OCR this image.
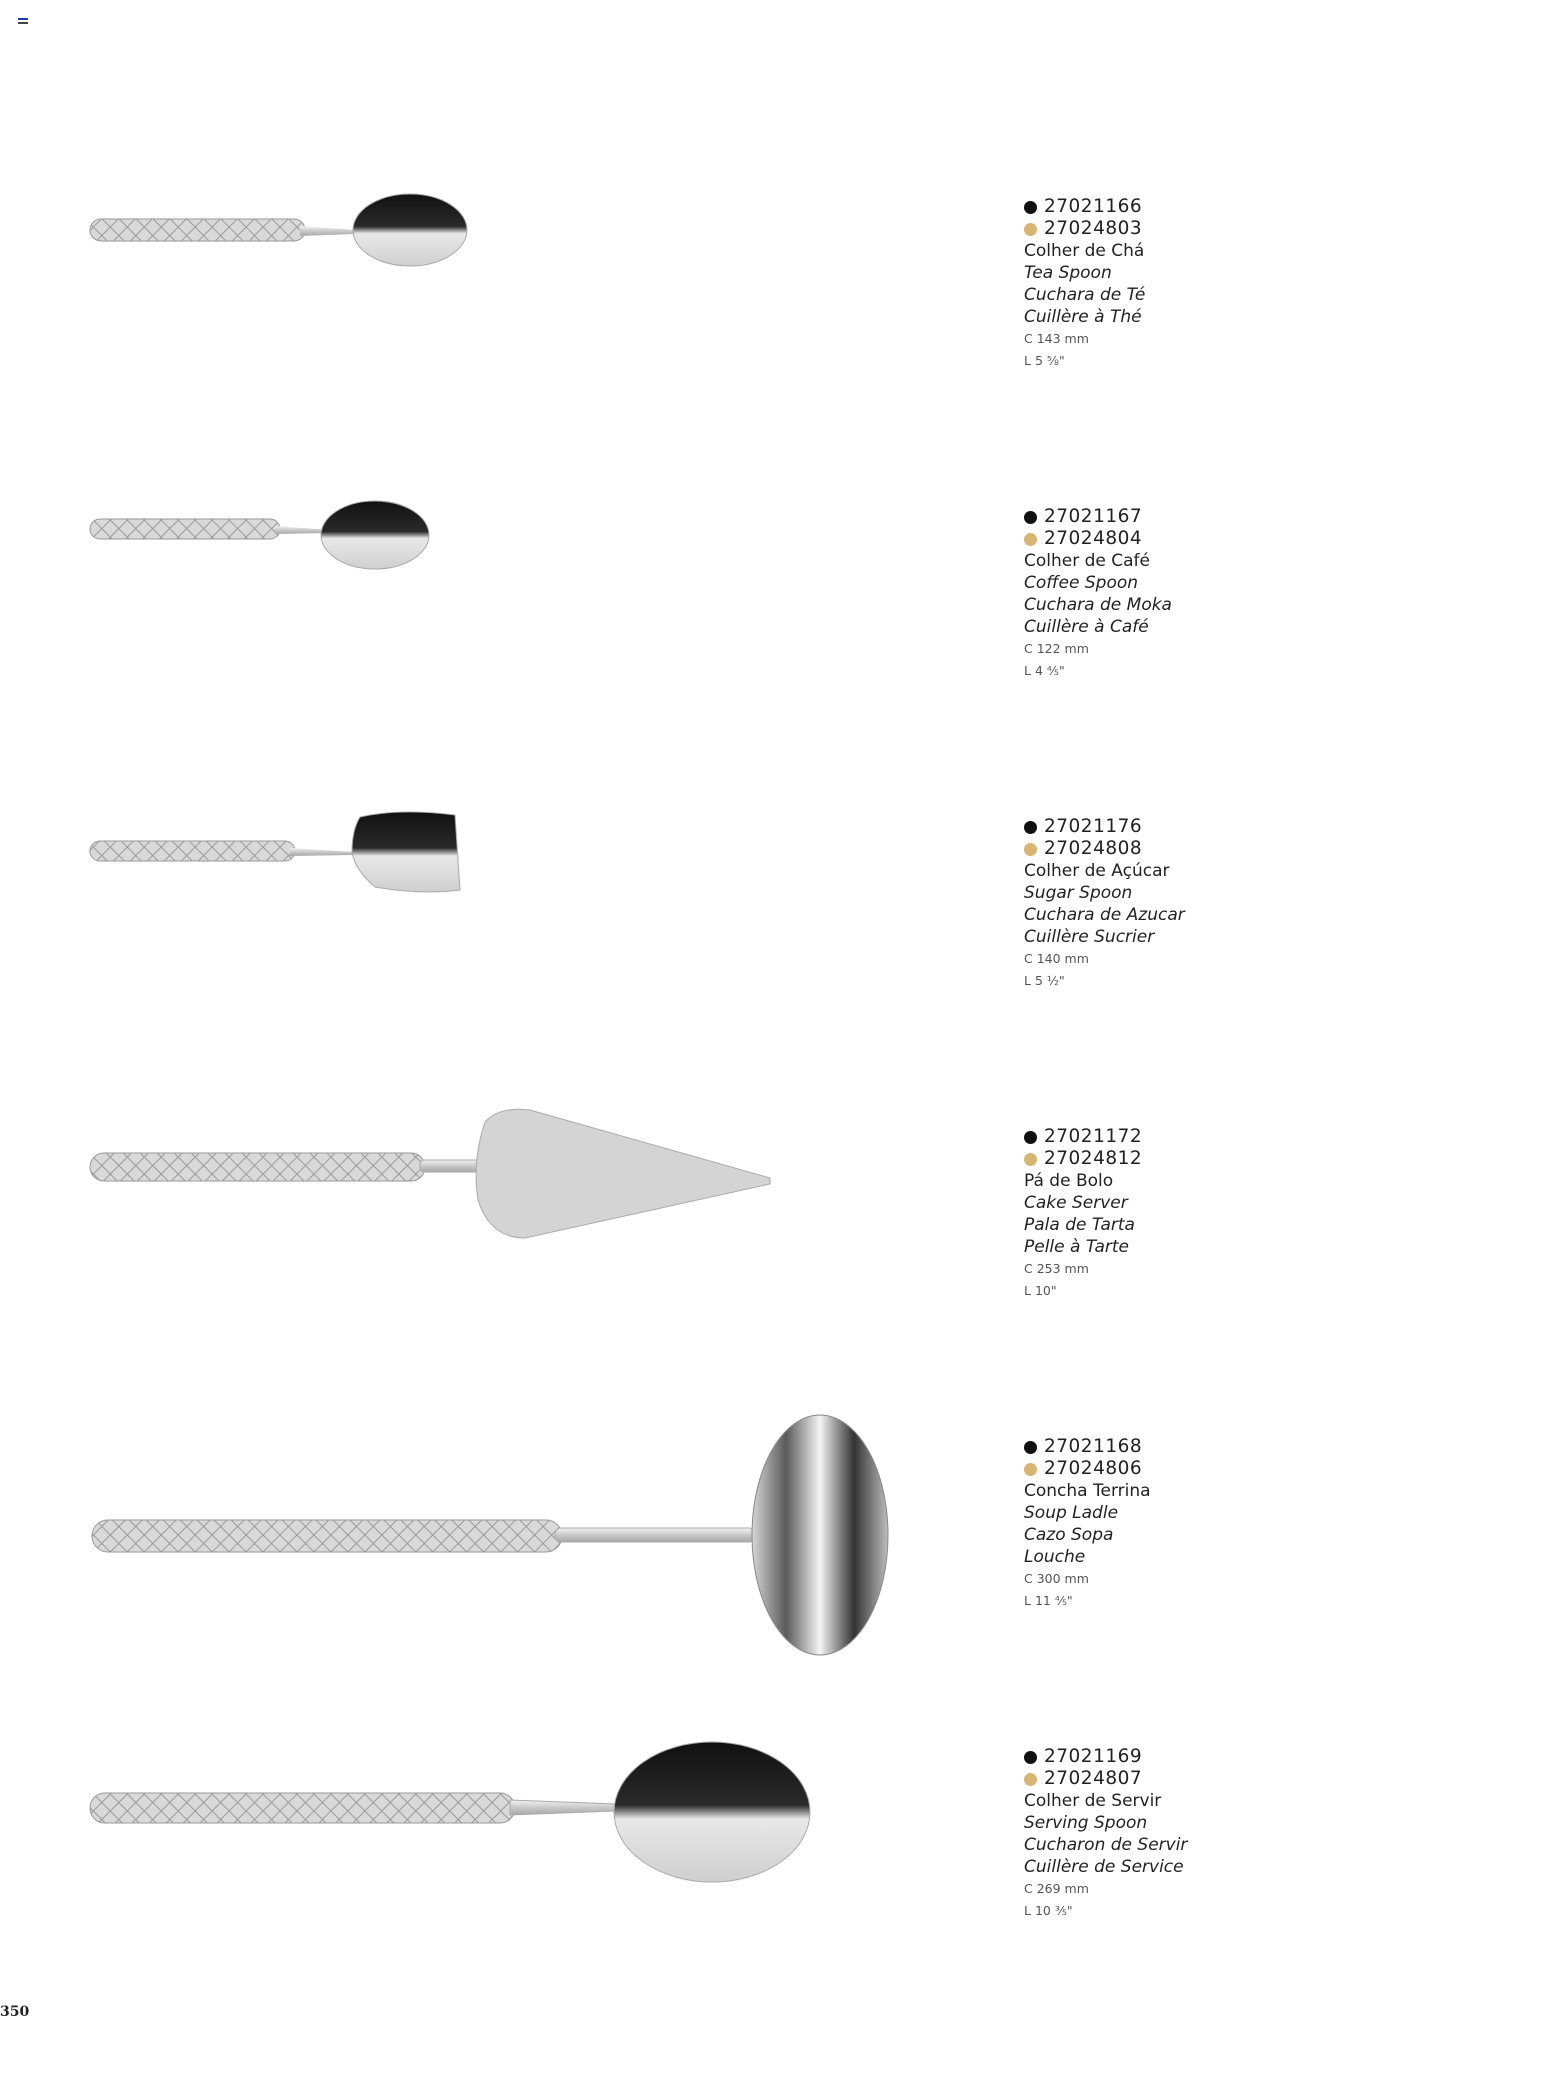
27021166
27024803
Colher de Chá
Tea Spoon
Cuchara de Té
Cuillère à Thé
C 143 mm
L 5 ⅝"
27021167
27024804
Colher de Café
Coffee Spoon
Cuchara de Moka
Cuillère à Café
C 122 mm
L 4 ⅘"
27021176
27024808
Colher de Açúcar
Sugar Spoon
Cuchara de Azucar
Cuillère Sucrier
C 140 mm
L 5 ½"
27021172
27024812
Pá de Bolo
Cake Server
Pala de Tarta
Pelle à Tarte
C 253 mm
L 10"
27021168
27024806
Concha Terrina
Soup Ladle
Cazo Sopa
Louche
C 300 mm
L 11 ⅘"
27021169
27024807
Colher de Servir
Serving Spoon
Cucharon de Servir
Cuillère de Service
C 269 mm
L 10 ⅗"
350
